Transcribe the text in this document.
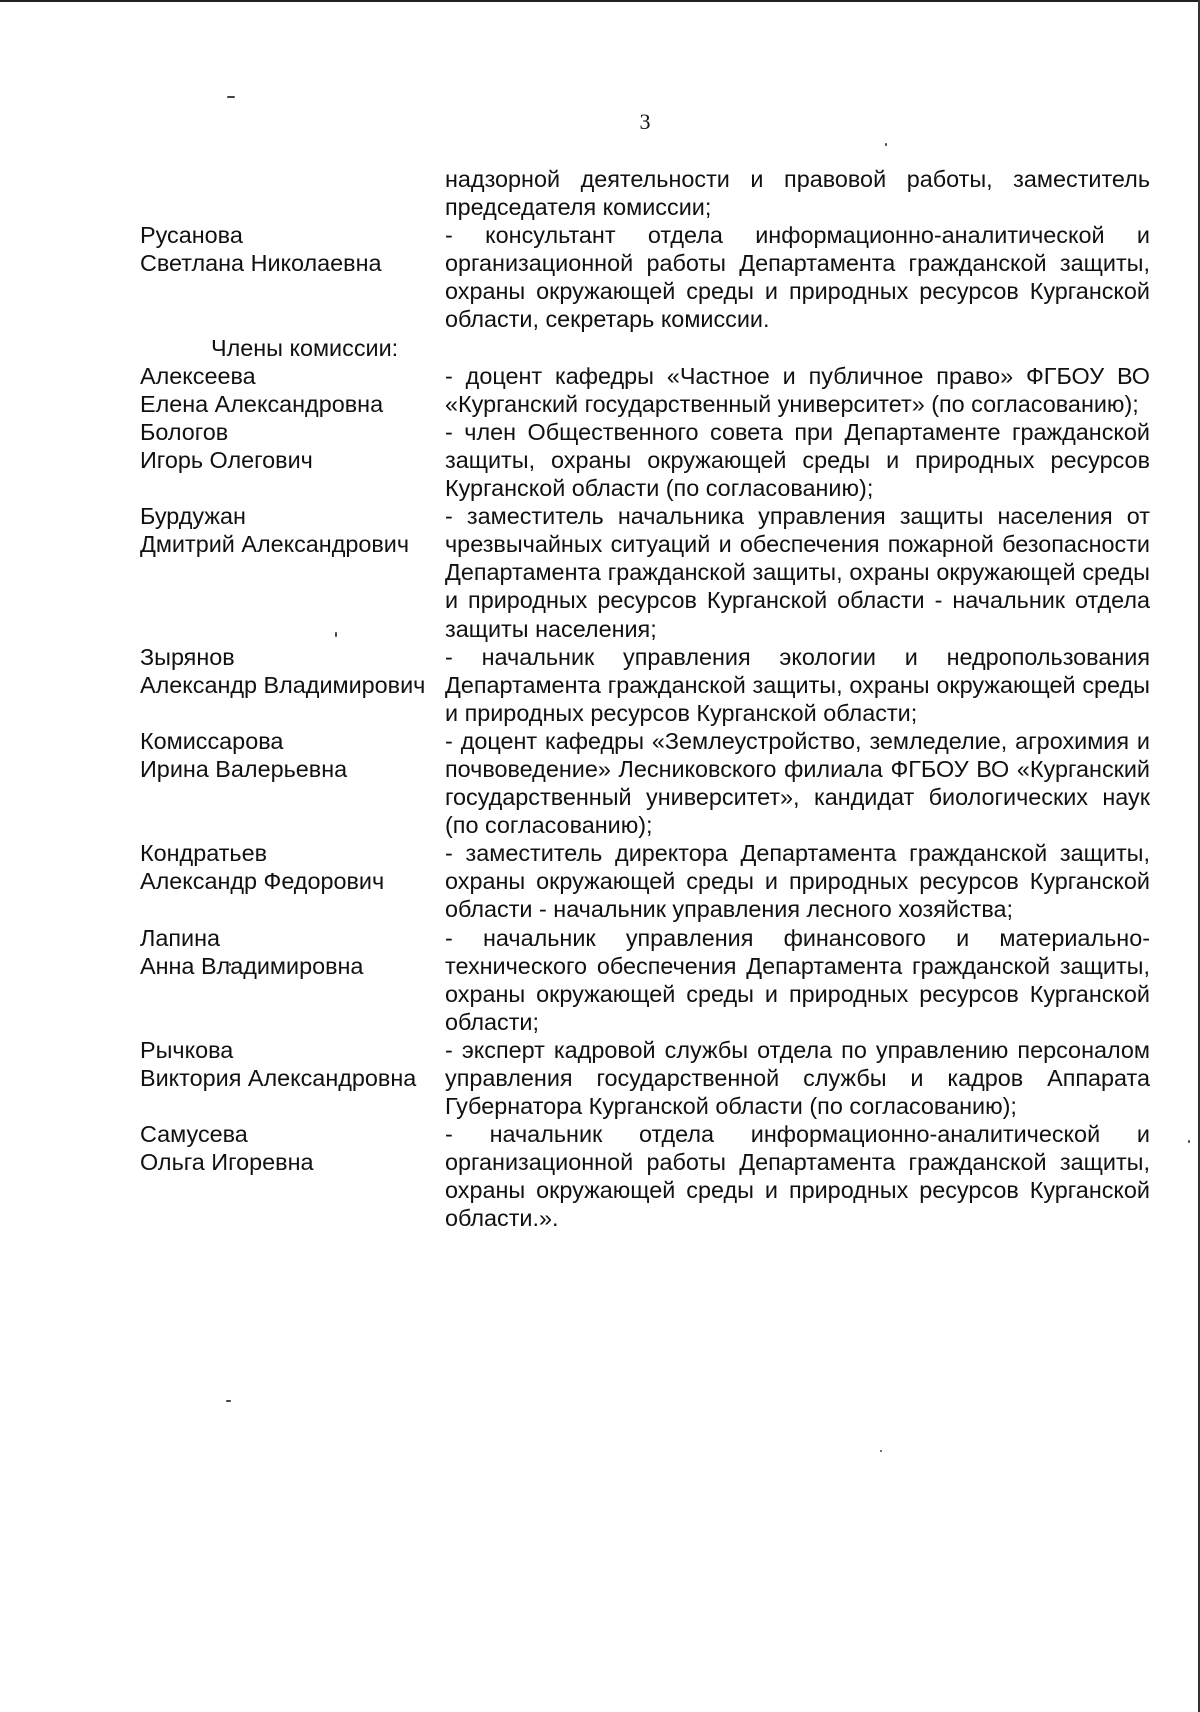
3
надзорной деятельности и правовой работы, заместитель председателя комиссии;
Русанова
Светлана Николаевна
- консультант отдела информационно-аналитической и организационной работы Департамента гражданской защиты, охраны окружающей среды и природных ресурсов Курганской области, секретарь комиссии.
Члены комиссии:
Алексеева
Елена Александровна
- доцент кафедры «Частное и публичное право» ФГБОУ ВО «Курганский государственный университет» (по согласованию);
Бологов
Игорь Олегович
- член Общественного совета при Департаменте гражданской защиты, охраны окружающей среды и природных ресурсов Курганской области (по согласованию);
Бурдужан
Дмитрий Александрович
- заместитель начальника управления защиты населения от чрезвычайных ситуаций и обеспечения пожарной безопасности Департамента гражданской защиты, охраны окружающей среды и природных ресурсов Курганской области - начальник отдела защиты населения;
Зырянов
Александр Владимирович
- начальник управления экологии и недропользования Департамента гражданской защиты, охраны окружающей среды и природных ресурсов Курганской области;
Комиссарова
Ирина Валерьевна
- доцент кафедры «Землеустройство, земледелие, агрохимия и почвоведение» Лесниковского филиала ФГБОУ ВО «Курганский государственный университет», кандидат биологических наук (по согласованию);
Кондратьев
Александр Федорович
- заместитель директора Департамента гражданской защиты, охраны окружающей среды и природных ресурсов Курганской области - начальник управления лесного хозяйства;
Лапина
Анна Владимировна
- начальник управления финансового и материально-технического обеспечения Департамента гражданской защиты, охраны окружающей среды и природных ресурсов Курганской области;
Рычкова
Виктория Александровна
- эксперт кадровой службы отдела по управлению персоналом управления государственной службы и кадров Аппарата Губернатора Курганской области (по согласованию);
Самусева
Ольга Игоревна
- начальник отдела информационно-аналитической и организационной работы Департамента гражданской защиты, охраны окружающей среды и природных ресурсов Курганской области.».
